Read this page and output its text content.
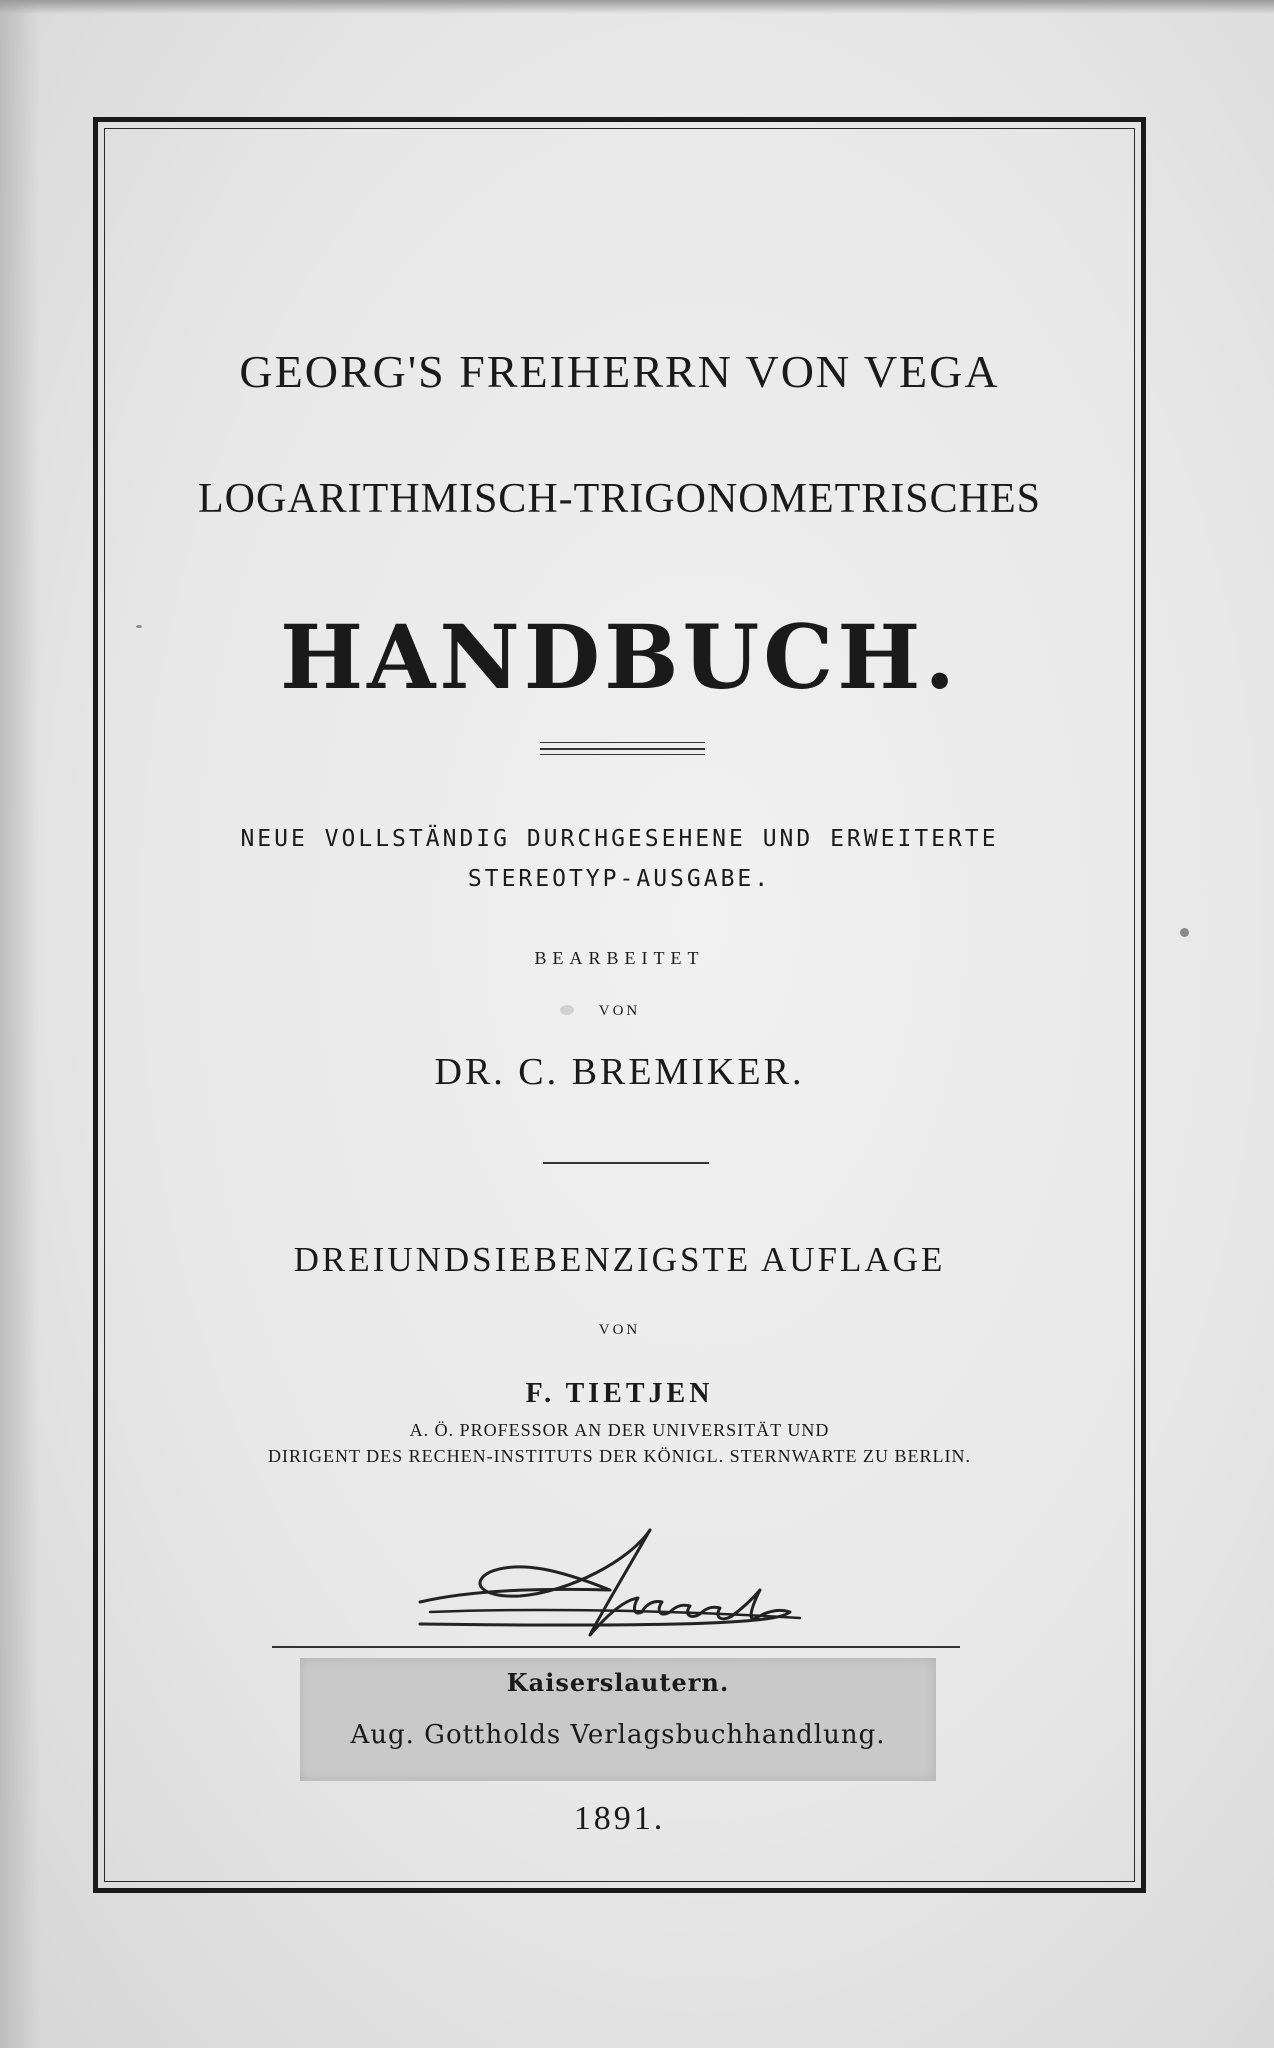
GEORG'S FREIHERRN VON VEGA
LOGARITHMISCH-TRIGONOMETRISCHES
HANDBUCH.
NEUE VOLLSTÄNDIG DURCHGESEHENE UND ERWEITERTE
STEREOTYP-AUSGABE.
BEARBEITET
VON
DR. C. BREMIKER.
DREIUNDSIEBENZIGSTE AUFLAGE
VON
F. TIETJEN
A. Ö. PROFESSOR AN DER UNIVERSITÄT UND
DIRIGENT DES RECHEN-INSTITUTS DER KÖNIGL. STERNWARTE ZU BERLIN.
Kaiserslautern.
Aug. Gottholds Verlagsbuchhandlung.
1891.
